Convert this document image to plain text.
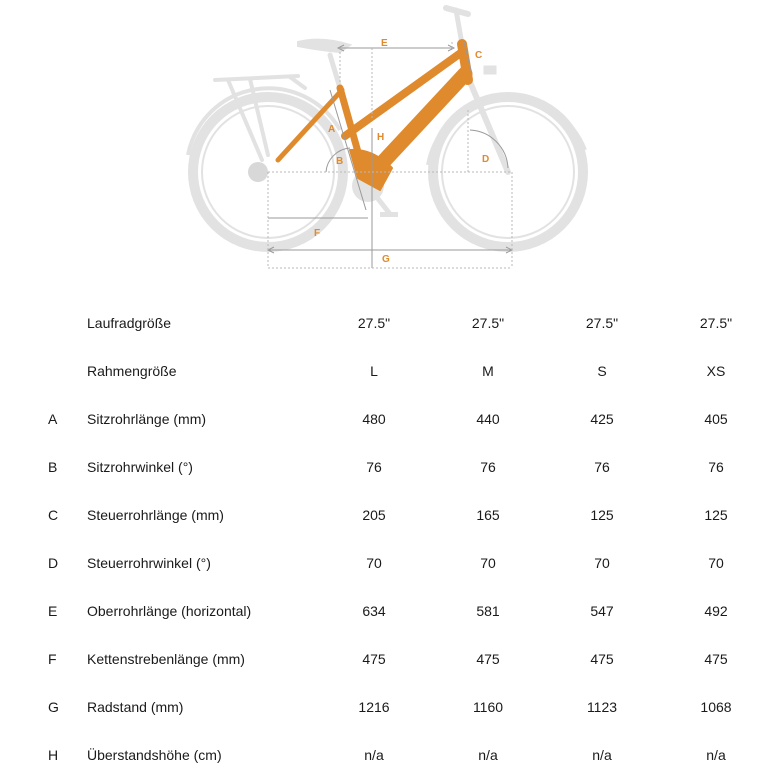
A
B
C
D
E
F
G
H
	Laufradgröße	27.5"	27.5"	27.5"	27.5"
	Rahmengröße	L	M	S	XS
A	Sitzrohrlänge (mm)	480	440	425	405
B	Sitzrohrwinkel (°)	76	76	76	76
C	Steuerrohrlänge (mm)	205	165	125	125
D	Steuerrohrwinkel (°)	70	70	70	70
E	Oberrohrlänge (horizontal)	634	581	547	492
F	Kettenstrebenlänge (mm)	475	475	475	475
G	Radstand (mm)	1216	1160	1123	1068
H	Überstandshöhe (cm)	n/a	n/a	n/a	n/a
